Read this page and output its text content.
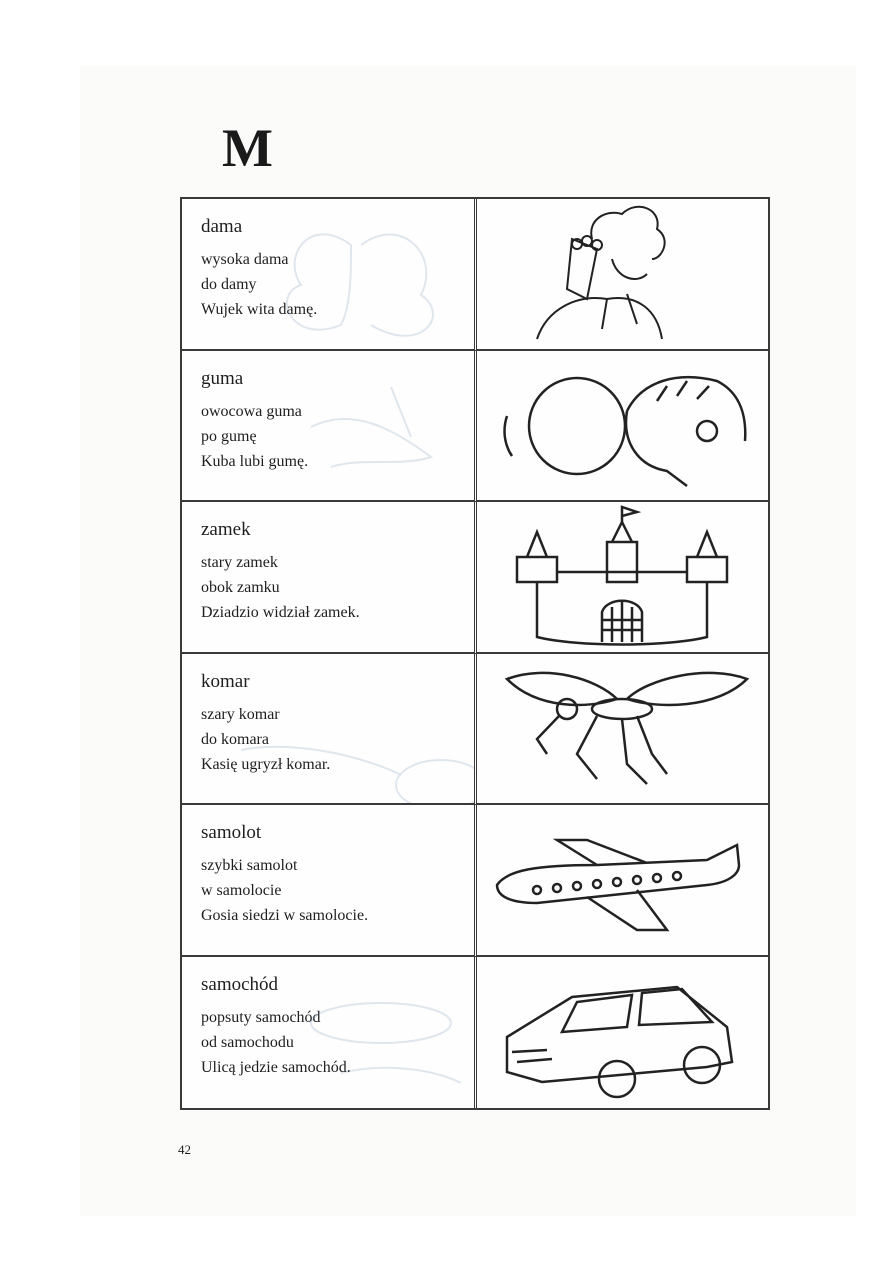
M
dama
wysoka dama
do damy
Wujek wita damę.
guma
owocowa guma
po gumę
Kuba lubi gumę.
zamek
stary zamek
obok zamku
Dziadzio widział zamek.
komar
szary komar
do komara
Kasię ugryzł komar.
samolot
szybki samolot
w samolocie
Gosia siedzi w samolocie.
samochód
popsuty samochód
od samochodu
Ulicą jedzie samochód.
42
